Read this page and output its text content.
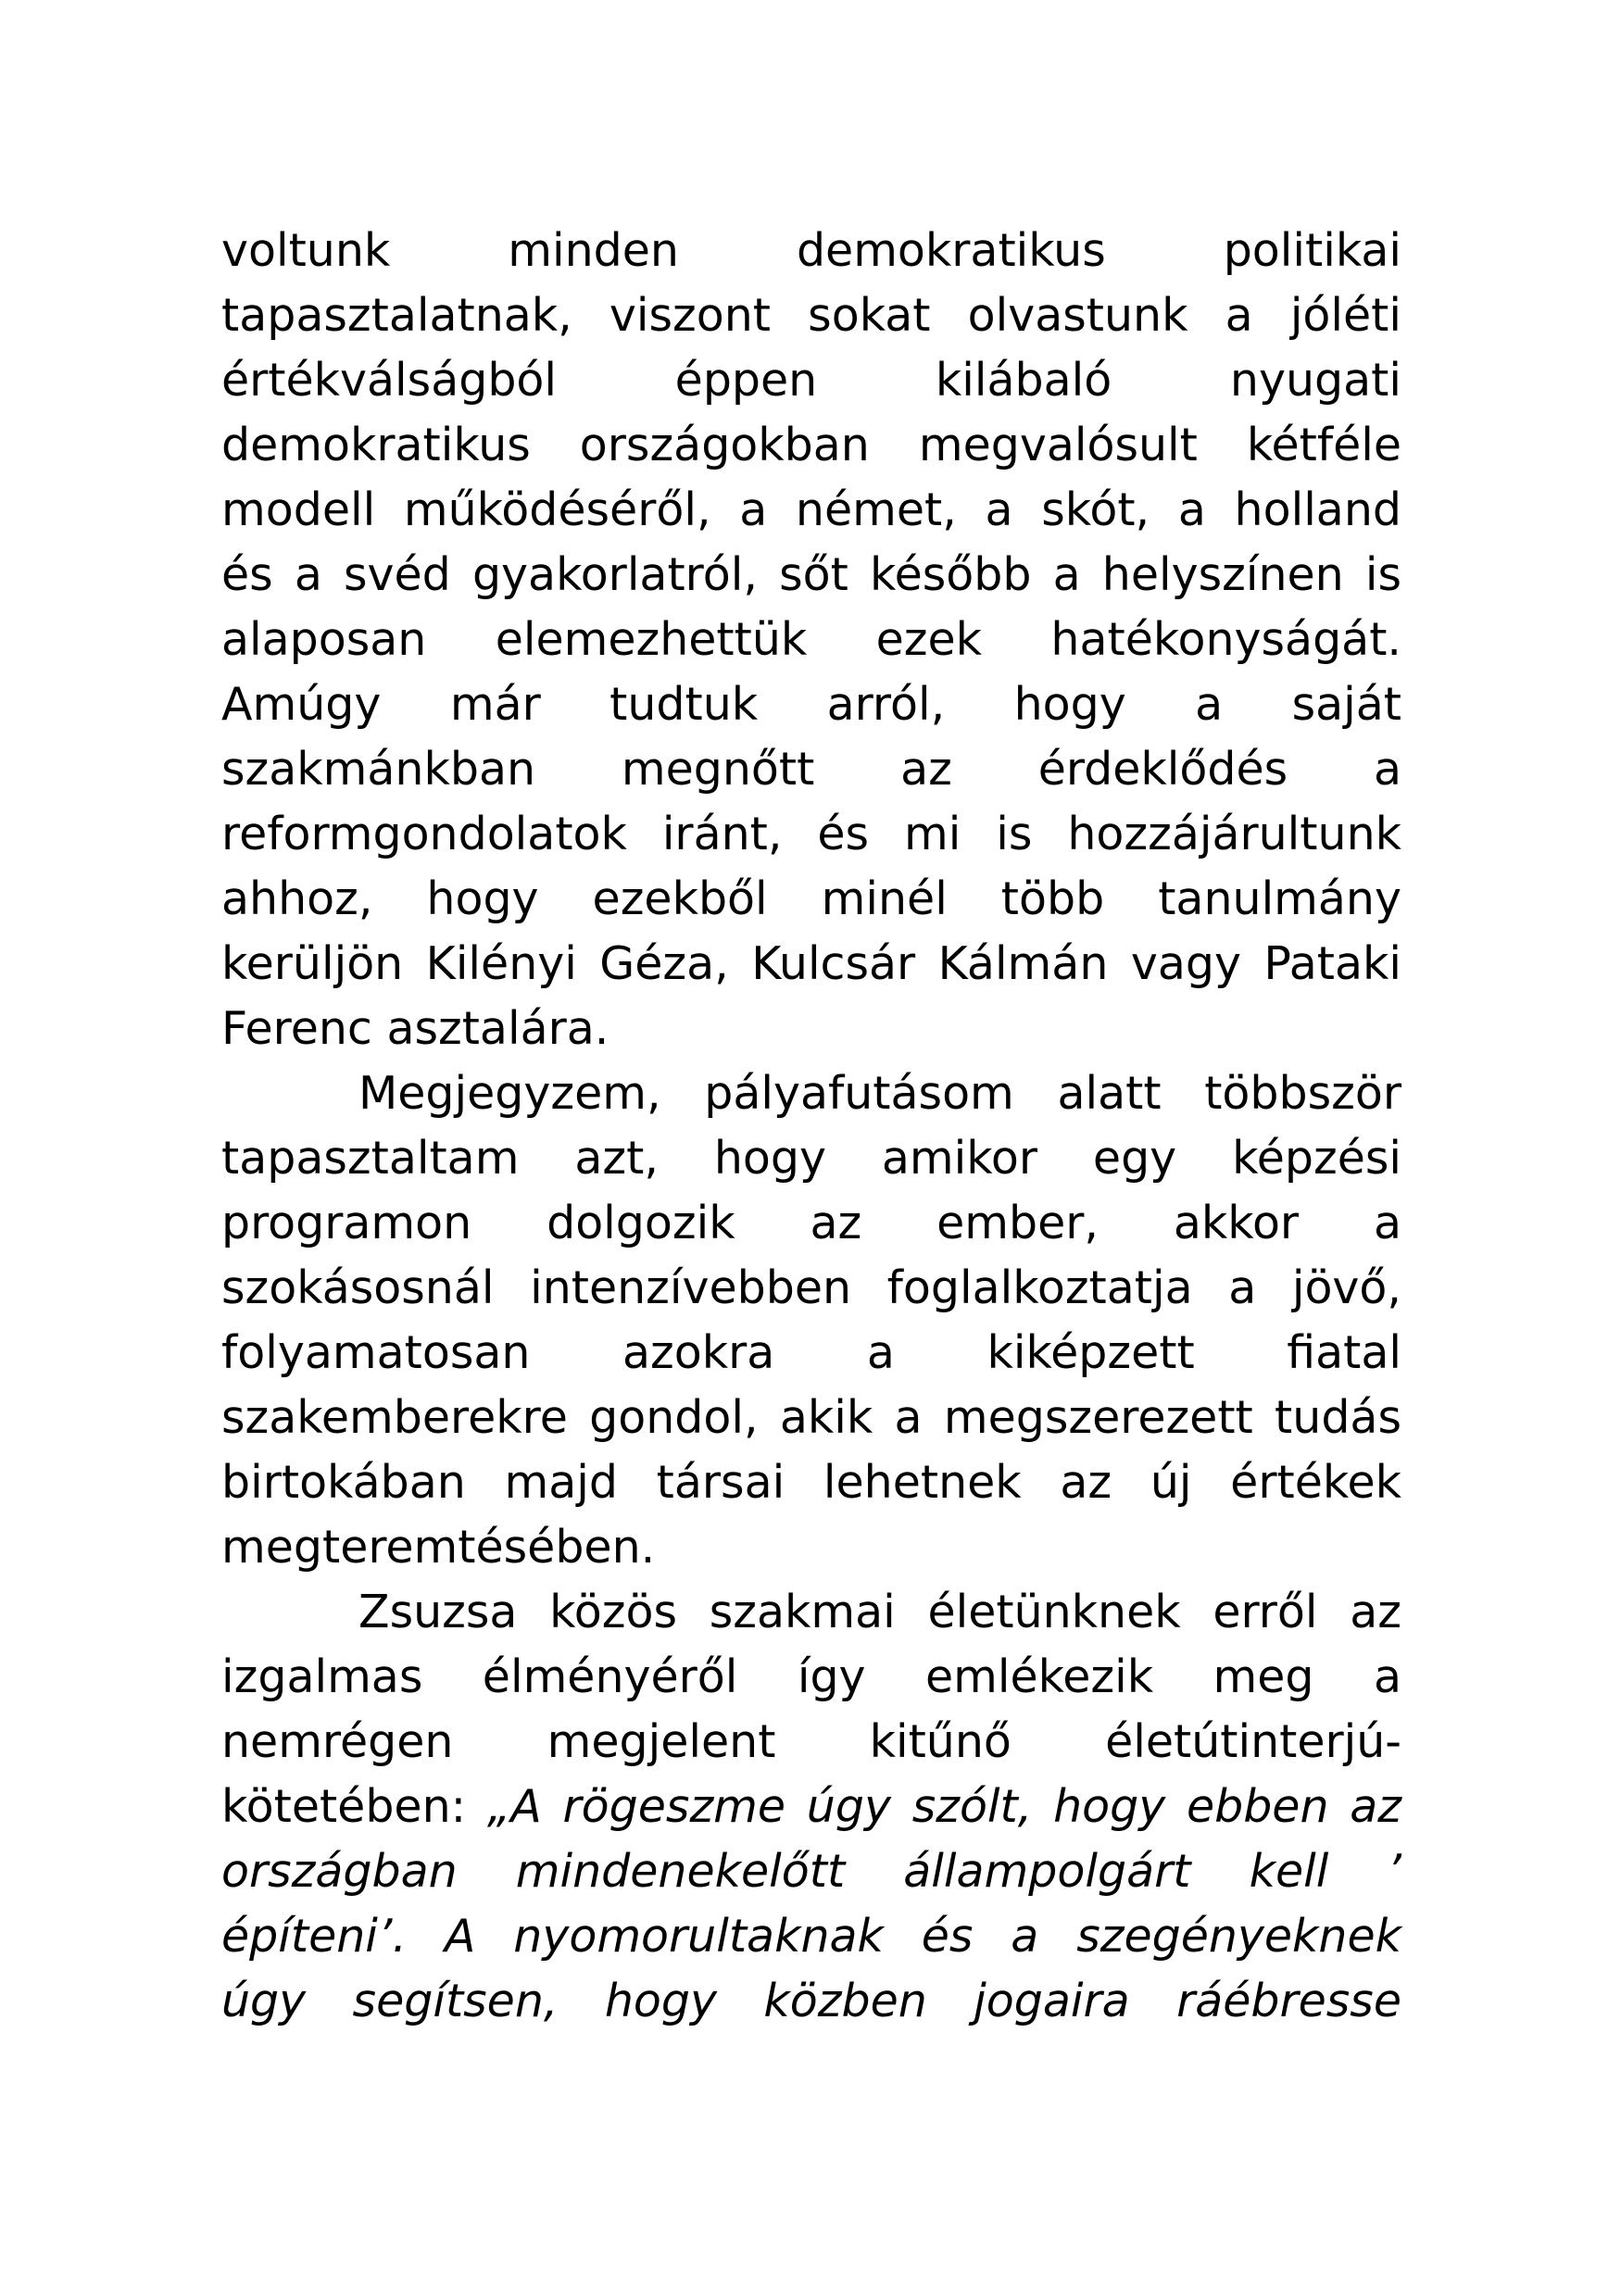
voltunk minden demokratikus politikai
tapasztalatnak, viszont sokat olvastunk a jóléti
értékválságból éppen kilábaló nyugati
demokratikus országokban megvalósult kétféle
modell működéséről, a német, a skót, a holland
és a svéd gyakorlatról, sőt később a helyszínen is
alaposan elemezhettük ezek hatékonyságát.
Amúgy már tudtuk arról, hogy a saját
szakmánkban megnőtt az érdeklődés a
reformgondolatok iránt, és mi is hozzájárultunk
ahhoz, hogy ezekből minél több tanulmány
kerüljön Kilényi Géza, Kulcsár Kálmán vagy Pataki
Ferenc asztalára.
Megjegyzem, pályafutásom alatt többször
tapasztaltam azt, hogy amikor egy képzési
programon dolgozik az ember, akkor a
szokásosnál intenzívebben foglalkoztatja a jövő,
folyamatosan azokra a kiképzett fiatal
szakemberekre gondol, akik a megszerezett tudás
birtokában majd társai lehetnek az új értékek
megteremtésében.
Zsuzsa közös szakmai életünknek erről az
izgalmas élményéről így emlékezik meg a
nemrégen megjelent kitűnő életútinterjú-
kötetében: „A rögeszme úgy szólt, hogy ebben az
országban mindenekelőtt állampolgárt kell ’
építeni’. A nyomorultaknak és a szegényeknek
úgy segítsen, hogy közben jogaira ráébresse
